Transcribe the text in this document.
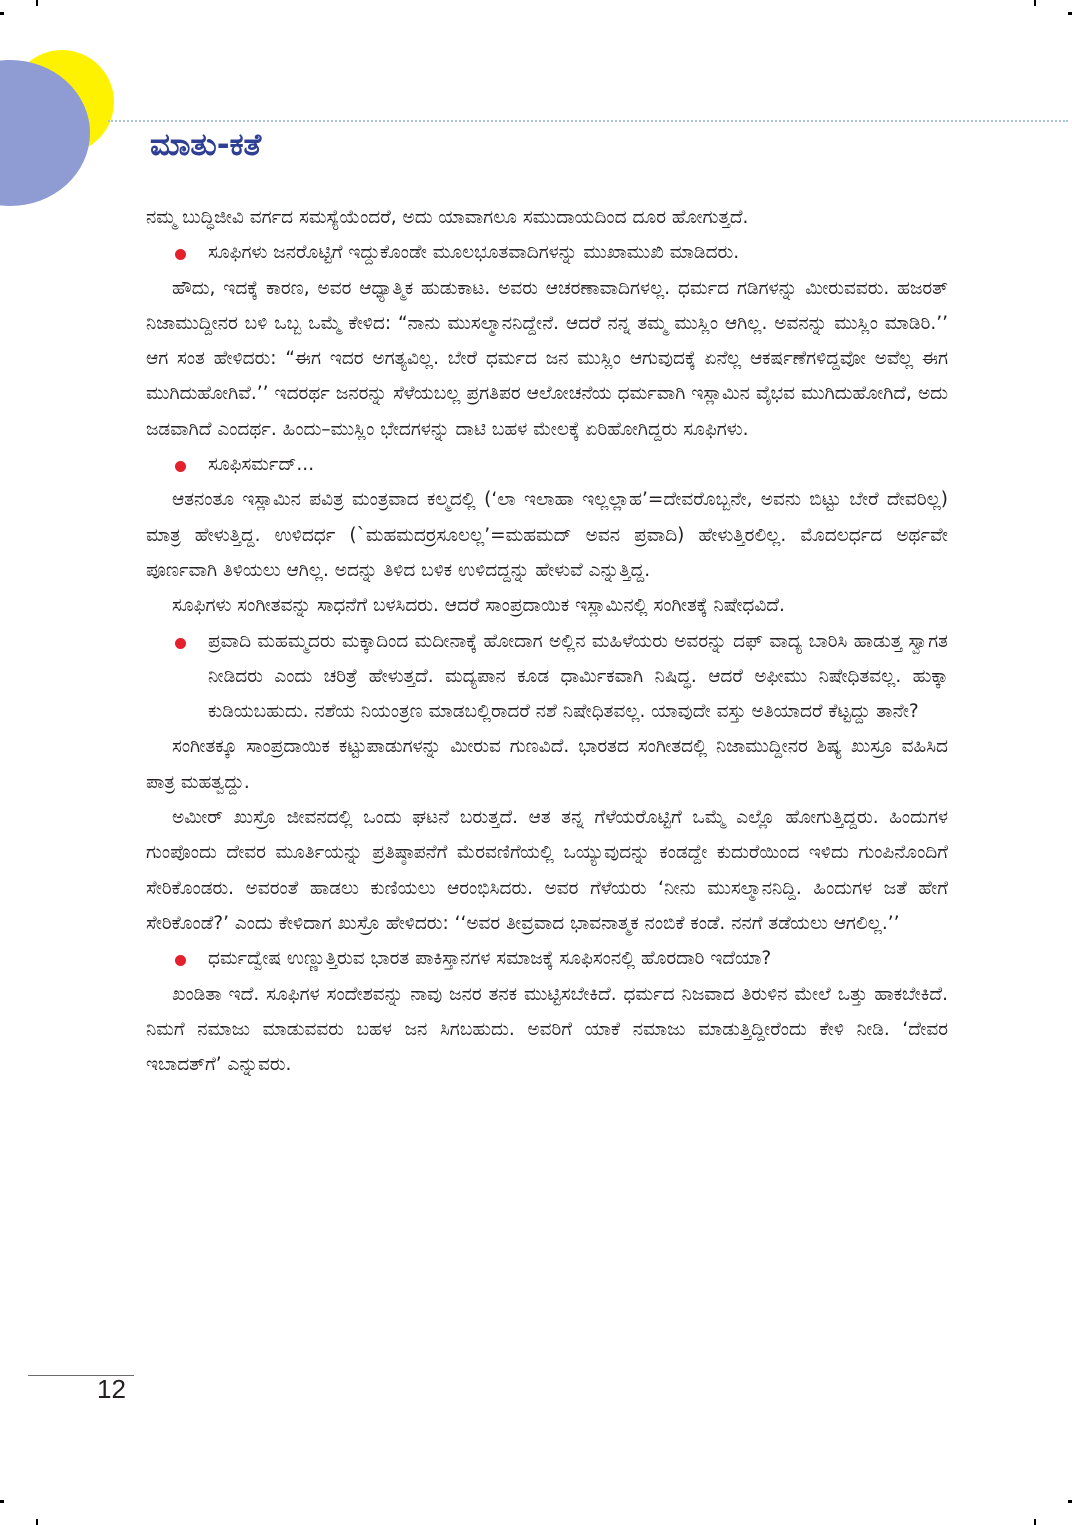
ಮಾತು-ಕತೆ

ನಮ್ಮ ಬುದ್ಧಿಜೀವಿ ವರ್ಗದ ಸಮಸ್ಯೆಯೆಂದರೆ, ಅದು ಯಾವಾಗಲೂ ಸಮುದಾಯದಿಂದ ದೂರ ಹೋಗುತ್ತದೆ.

ಸೂಫಿಗಳು ಜನರೊಟ್ಟಿಗೆ ಇದ್ದುಕೊಂಡೇ ಮೂಲಭೂತವಾದಿಗಳನ್ನು ಮುಖಾಮುಖಿ ಮಾಡಿದರು.

ಹೌದು, ಇದಕ್ಕೆ ಕಾರಣ, ಅವರ ಆಧ್ಯಾತ್ಮಿಕ ಹುಡುಕಾಟ. ಅವರು ಆಚರಣಾವಾದಿಗಳಲ್ಲ. ಧರ್ಮದ ಗಡಿಗಳನ್ನು ಮೀರುವವರು. ಹಜರತ್ ನಿಜಾಮುದ್ದೀನರ ಬಳಿ ಒಬ್ಬ ಒಮ್ಮೆ ಕೇಳಿದ: “ನಾನು ಮುಸಲ್ಮಾನನಿದ್ದೇನೆ. ಆದರೆ ನನ್ನ ತಮ್ಮ ಮುಸ್ಲಿಂ ಆಗಿಲ್ಲ. ಅವನನ್ನು ಮುಸ್ಲಿಂ ಮಾಡಿರಿ.’’ ಆಗ ಸಂತ ಹೇಳಿದರು: “ಈಗ ಇದರ ಅಗತ್ಯವಿಲ್ಲ. ಬೇರೆ ಧರ್ಮದ ಜನ ಮುಸ್ಲಿಂ ಆಗುವುದಕ್ಕೆ ಏನೆಲ್ಲ ಆಕರ್ಷಣೆಗಳಿದ್ದವೋ ಅವೆಲ್ಲ ಈಗ ಮುಗಿದುಹೋಗಿವೆ.’’ ಇದರರ್ಥ ಜನರನ್ನು ಸೆಳೆಯಬಲ್ಲ ಪ್ರಗತಿಪರ ಆಲೋಚನೆಯ ಧರ್ಮವಾಗಿ ಇಸ್ಲಾಮಿನ ವೈಭವ ಮುಗಿದುಹೋಗಿದೆ, ಅದು ಜಡವಾಗಿದೆ ಎಂದರ್ಥ. ಹಿಂದು–ಮುಸ್ಲಿಂ ಭೇದಗಳನ್ನು ದಾಟಿ ಬಹಳ ಮೇಲಕ್ಕೆ ಏರಿಹೋಗಿದ್ದರು ಸೂಫಿಗಳು.

ಸೂಫಿಸರ್ಮದ್...

ಆತನಂತೂ ಇಸ್ಲಾಮಿನ ಪವಿತ್ರ ಮಂತ್ರವಾದ ಕಲ್ಮದಲ್ಲಿ (‘ಲಾ ಇಲಾಹಾ ಇಲ್ಲಲ್ಲಾಹ’=ದೇವರೊಬ್ಬನೇ, ಅವನು ಬಿಟ್ಟು ಬೇರೆ ದೇವರಿಲ್ಲ) ಮಾತ್ರ ಹೇಳುತ್ತಿದ್ದ. ಉಳಿದರ್ಧ (`ಮಹಮದರ‍್ರಸೂಲಲ್ಲ’=ಮಹಮದ್ ಅವನ ಪ್ರವಾದಿ) ಹೇಳುತ್ತಿರಲಿಲ್ಲ. ಮೊದಲರ್ಧದ ಅರ್ಥವೇ ಪೂರ್ಣವಾಗಿ ತಿಳಿಯಲು ಆಗಿಲ್ಲ. ಅದನ್ನು ತಿಳಿದ ಬಳಿಕ ಉಳಿದದ್ದನ್ನು ಹೇಳುವೆ ಎನ್ನುತ್ತಿದ್ದ.

ಸೂಫಿಗಳು ಸಂಗೀತವನ್ನು ಸಾಧನೆಗೆ ಬಳಸಿದರು. ಆದರೆ ಸಾಂಪ್ರದಾಯಿಕ ಇಸ್ಲಾಮಿನಲ್ಲಿ ಸಂಗೀತಕ್ಕೆ ನಿಷೇಧವಿದೆ.

ಪ್ರವಾದಿ ಮಹಮ್ಮದರು ಮಕ್ಕಾದಿಂದ ಮದೀನಾಕ್ಕೆ ಹೋದಾಗ ಅಲ್ಲಿನ ಮಹಿಳೆಯರು ಅವರನ್ನು ದಫ್ ವಾದ್ಯ ಬಾರಿಸಿ ಹಾಡುತ್ತ ಸ್ವಾಗತ ನೀಡಿದರು ಎಂದು ಚರಿತ್ರೆ ಹೇಳುತ್ತದೆ. ಮದ್ಯಪಾನ ಕೂಡ ಧಾರ್ಮಿಕವಾಗಿ ನಿಷಿದ್ಧ. ಆದರೆ ಅಫೀಮು ನಿಷೇಧಿತವಲ್ಲ. ಹುಕ್ಕಾ ಕುಡಿಯಬಹುದು. ನಶೆಯ ನಿಯಂತ್ರಣ ಮಾಡಬಲ್ಲಿರಾದರೆ ನಶೆ ನಿಷೇಧಿತವಲ್ಲ. ಯಾವುದೇ ವಸ್ತು ಅತಿಯಾದರೆ ಕೆಟ್ಟದ್ದು ತಾನೇ?

ಸಂಗೀತಕ್ಕೂ ಸಾಂಪ್ರದಾಯಿಕ ಕಟ್ಟುಪಾಡುಗಳನ್ನು ಮೀರುವ ಗುಣವಿದೆ. ಭಾರತದ ಸಂಗೀತದಲ್ಲಿ ನಿಜಾಮುದ್ದೀನರ ಶಿಷ್ಯ ಖುಸ್ರೂ ವಹಿಸಿದ ಪಾತ್ರ ಮಹತ್ವದ್ದು.

ಅಮೀರ್ ಖುಸ್ರೊ ಜೀವನದಲ್ಲಿ ಒಂದು ಘಟನೆ ಬರುತ್ತದೆ. ಆತ ತನ್ನ ಗೆಳೆಯರೊಟ್ಟಿಗೆ ಒಮ್ಮೆ ಎಲ್ಲೊ ಹೋಗುತ್ತಿದ್ದರು. ಹಿಂದುಗಳ ಗುಂಪೊಂದು ದೇವರ ಮೂರ್ತಿಯನ್ನು ಪ್ರತಿಷ್ಠಾಪನೆಗೆ ಮೆರವಣಿಗೆಯಲ್ಲಿ ಒಯ್ಯುವುದನ್ನು ಕಂಡದ್ದೇ ಕುದುರೆಯಿಂದ ಇಳಿದು ಗುಂಪಿನೊಂದಿಗೆ ಸೇರಿಕೊಂಡರು. ಅವರಂತೆ ಹಾಡಲು ಕುಣಿಯಲು ಆರಂಭಿಸಿದರು. ಅವರ ಗೆಳೆಯರು ‘ನೀನು ಮುಸಲ್ಮಾನನಿದ್ದಿ. ಹಿಂದುಗಳ ಜತೆ ಹೇಗೆ ಸೇರಿಕೊಂಡೆ?’ ಎಂದು ಕೇಳಿದಾಗ ಖುಸ್ರೊ ಹೇಳಿದರು: ‘‘ಅವರ ತೀವ್ರವಾದ ಭಾವನಾತ್ಮಕ ನಂಬಿಕೆ ಕಂಡೆ. ನನಗೆ ತಡೆಯಲು ಆಗಲಿಲ್ಲ.’’

ಧರ್ಮದ್ವೇಷ ಉಣ್ಣುತ್ತಿರುವ ಭಾರತ ಪಾಕಿಸ್ತಾನಗಳ ಸಮಾಜಕ್ಕೆ ಸೂಫಿಸಂನಲ್ಲಿ ಹೊರದಾರಿ ಇದೆಯಾ?

ಖಂಡಿತಾ ಇದೆ. ಸೂಫಿಗಳ ಸಂದೇಶವನ್ನು ನಾವು ಜನರ ತನಕ ಮುಟ್ಟಿಸಬೇಕಿದೆ. ಧರ್ಮದ ನಿಜವಾದ ತಿರುಳಿನ ಮೇಲೆ ಒತ್ತು ಹಾಕಬೇಕಿದೆ. ನಿಮಗೆ ನಮಾಜು ಮಾಡುವವರು ಬಹಳ ಜನ ಸಿಗಬಹುದು. ಅವರಿಗೆ ಯಾಕೆ ನಮಾಜು ಮಾಡುತ್ತಿದ್ದೀರೆಂದು ಕೇಳಿ ನೀಡಿ. ‘ದೇವರ ಇಬಾದತ್‌ಗೆ’ ಎನ್ನುವರು.

12
